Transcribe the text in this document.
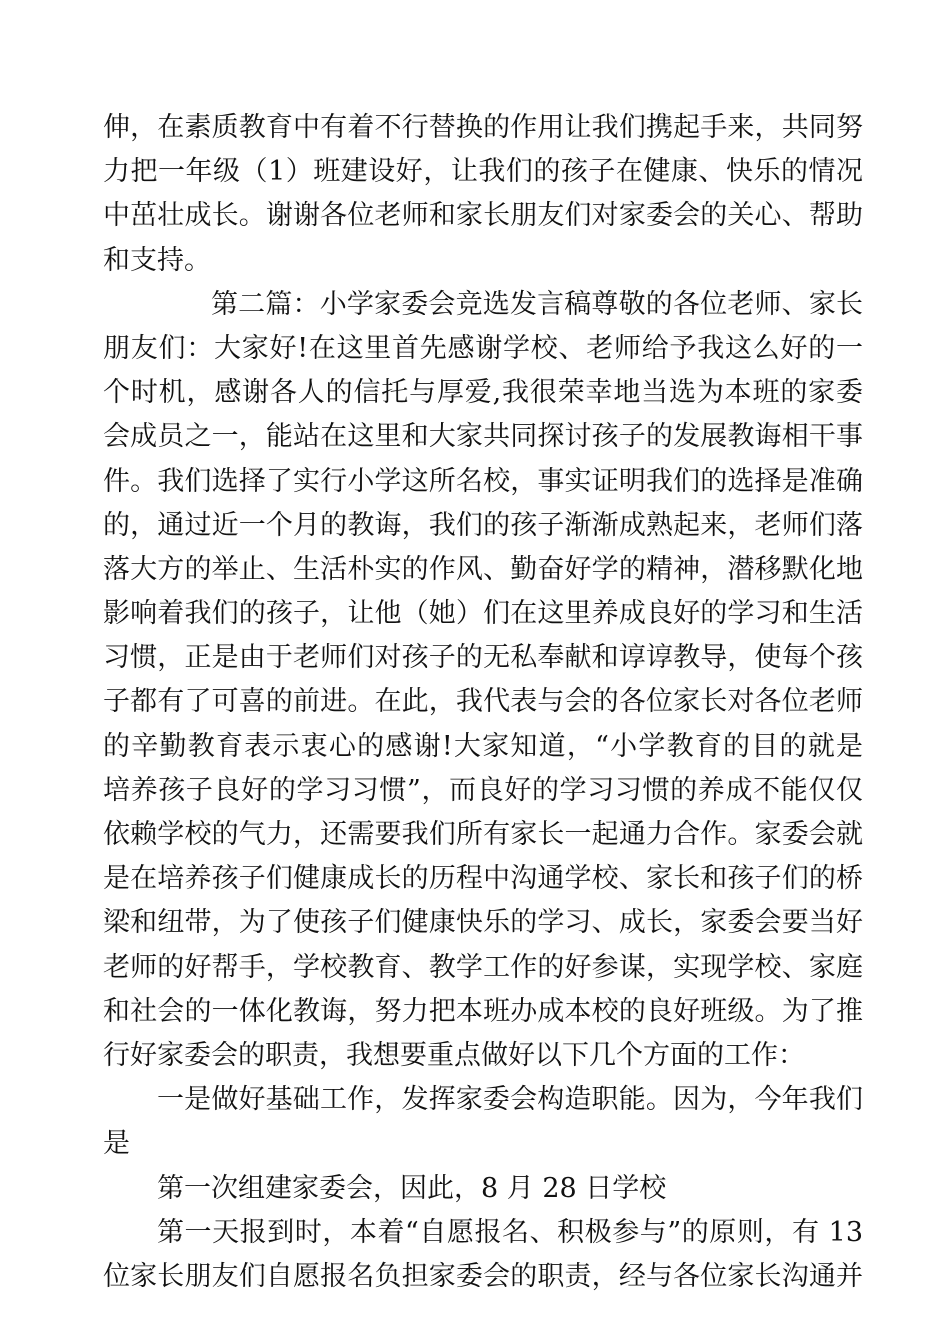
伸，在素质教育中有着不行替换的作用让我们携起手来，共同努
力把一年级（1）班建设好，让我们的孩子在健康、快乐的情况
中茁壮成长。谢谢各位老师和家长朋友们对家委会的关心、帮助
和支持。
第二篇：小学家委会竞选发言稿尊敬的各位老师、家长
朋友们：大家好!在这里首先感谢学校、老师给予我这么好的一
个时机，感谢各人的信托与厚爱,我很荣幸地当选为本班的家委
会成员之一，能站在这里和大家共同探讨孩子的发展教诲相干事
件。我们选择了实行小学这所名校，事实证明我们的选择是准确
的，通过近一个月的教诲，我们的孩子渐渐成熟起来，老师们落
落大方的举止、生活朴实的作风、勤奋好学的精神，潜移默化地
影响着我们的孩子，让他（她）们在这里养成良好的学习和生活
习惯，正是由于老师们对孩子的无私奉献和谆谆教导，使每个孩
子都有了可喜的前进。在此，我代表与会的各位家长对各位老师
的辛勤教育表示衷心的感谢!大家知道，“小学教育的目的就是
培养孩子良好的学习习惯”，而良好的学习习惯的养成不能仅仅
依赖学校的气力，还需要我们所有家长一起通力合作。家委会就
是在培养孩子们健康成长的历程中沟通学校、家长和孩子们的桥
梁和纽带，为了使孩子们健康快乐的学习、成长，家委会要当好
老师的好帮手，学校教育、教学工作的好参谋，实现学校、家庭
和社会的一体化教诲，努力把本班办成本校的良好班级。为了推
行好家委会的职责，我想要重点做好以下几个方面的工作：
一是做好基础工作，发挥家委会构造职能。因为，今年我们
是
第一次组建家委会，因此，8 月 28 日学校
第一天报到时，本着“自愿报名、积极参与”的原则，有 13
位家长朋友们自愿报名负担家委会的职责，经与各位家长沟通并
